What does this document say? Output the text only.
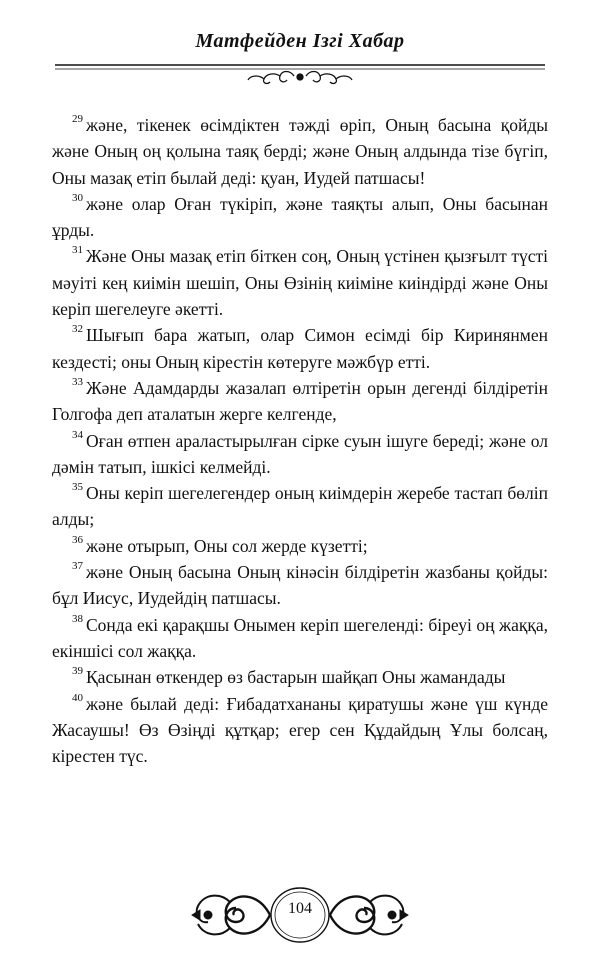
Матфейден Ізгі Хабар

$^{29}$ және, тікенек өсімдіктен тәжді өріп, Оның басына қойды және Оның оң қолына таяқ берді; және Оның алдында тізе бүгіп, Оны мазақ етіп былай деді: қуан, Иудей патшасы!

$^{30}$ және олар Оған түкіріп, және таяқты алып, Оны басынан ұрды.

$^{31}$ Және Оны мазақ етіп біткен соң, Оның үстінен қызғылт түсті мәуіті кең киімін шешіп, Оны Өзінің киіміне киіндірді және Оны керіп шегелеуге әкетті.

$^{32}$ Шығып бара жатып, олар Симон есімді бір Киринянмен кездесті; оны Оның кірестін көтеруге мәжбүр етті.

$^{33}$ Және Адамдарды жазалап өлтіретін орын дегенді білдіретін Голгофа деп аталатын жерге келгенде,

$^{34}$ Оған өтпен араластырылған сірке суын ішуге береді; және ол дәмін татып, ішкісі келмейді.

$^{35}$ Оны керіп шегелегендер оның киімдерін жеребе тастап бөліп алды;

$^{36}$ және отырып, Оны сол жерде күзетті;

$^{37}$ және Оның басына Оның кінәсін білдіретін жазбаны қойды: бұл Иисус, Иудейдің патшасы.

$^{38}$ Сонда екі қарақшы Онымен керіп шегеленді: біреуі оң жаққа, екіншісі сол жаққа.

$^{39}$ Қасынан өткендер өз бастарын шайқап Оны жамандады

$^{40}$ және былай деді: Ғибадатхананы қиратушы және үш күнде Жасаушы! Өз Өзіңді құтқар; егер сен Құдайдың Ұлы болсаң, кірестен түс.

104
